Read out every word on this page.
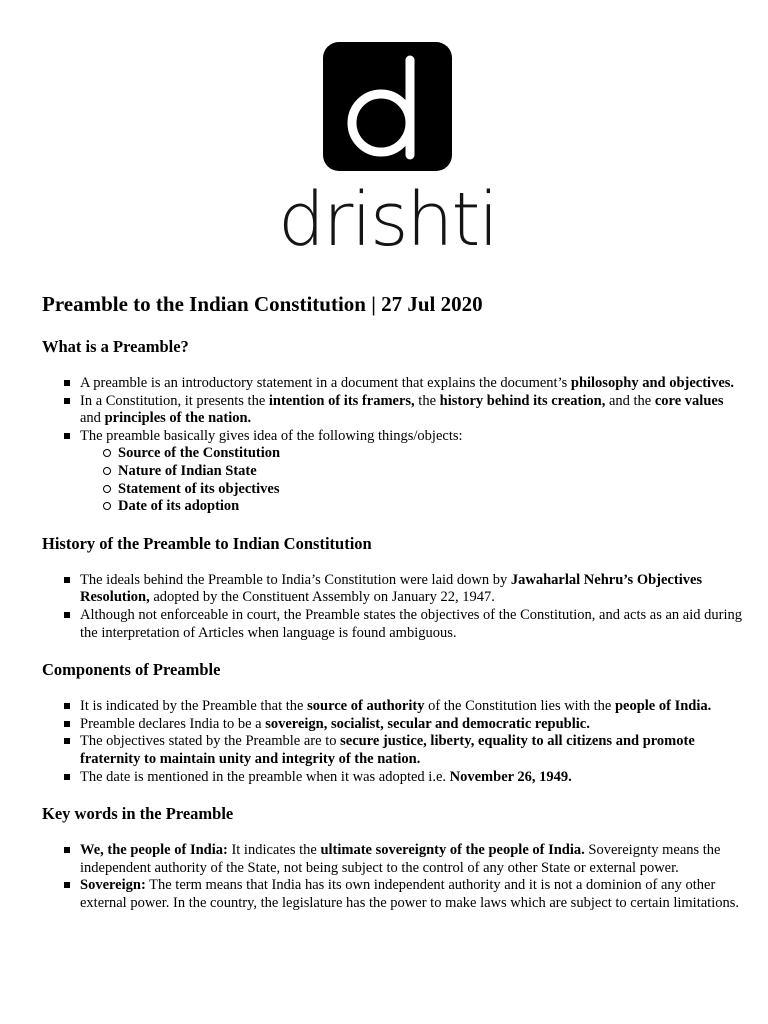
drishti
Preamble to the Indian Constitution | 27 Jul 2020
What is a Preamble?
A preamble is an introductory statement in a document that explains the document’s philosophy and objectives.
In a Constitution, it presents the intention of its framers, the history behind its creation, and the core values and principles of the nation.
The preamble basically gives idea of the following things/objects:
Source of the Constitution
Nature of Indian State
Statement of its objectives
Date of its adoption
History of the Preamble to Indian Constitution
The ideals behind the Preamble to India’s Constitution were laid down by Jawaharlal Nehru’s Objectives Resolution, adopted by the Constituent Assembly on January 22, 1947.
Although not enforceable in court, the Preamble states the objectives of the Constitution, and acts as an aid during the interpretation of Articles when language is found ambiguous.
Components of Preamble
It is indicated by the Preamble that the source of authority of the Constitution lies with the people of India.
Preamble declares India to be a sovereign, socialist, secular and democratic republic.
The objectives stated by the Preamble are to secure justice, liberty, equality to all citizens and promote fraternity to maintain unity and integrity of the nation.
The date is mentioned in the preamble when it was adopted i.e. November 26, 1949.
Key words in the Preamble
We, the people of India: It indicates the ultimate sovereignty of the people of India. Sovereignty means the independent authority of the State, not being subject to the control of any other State or external power.
Sovereign: The term means that India has its own independent authority and it is not a dominion of any other external power. In the country, the legislature has the power to make laws which are subject to certain limitations.
